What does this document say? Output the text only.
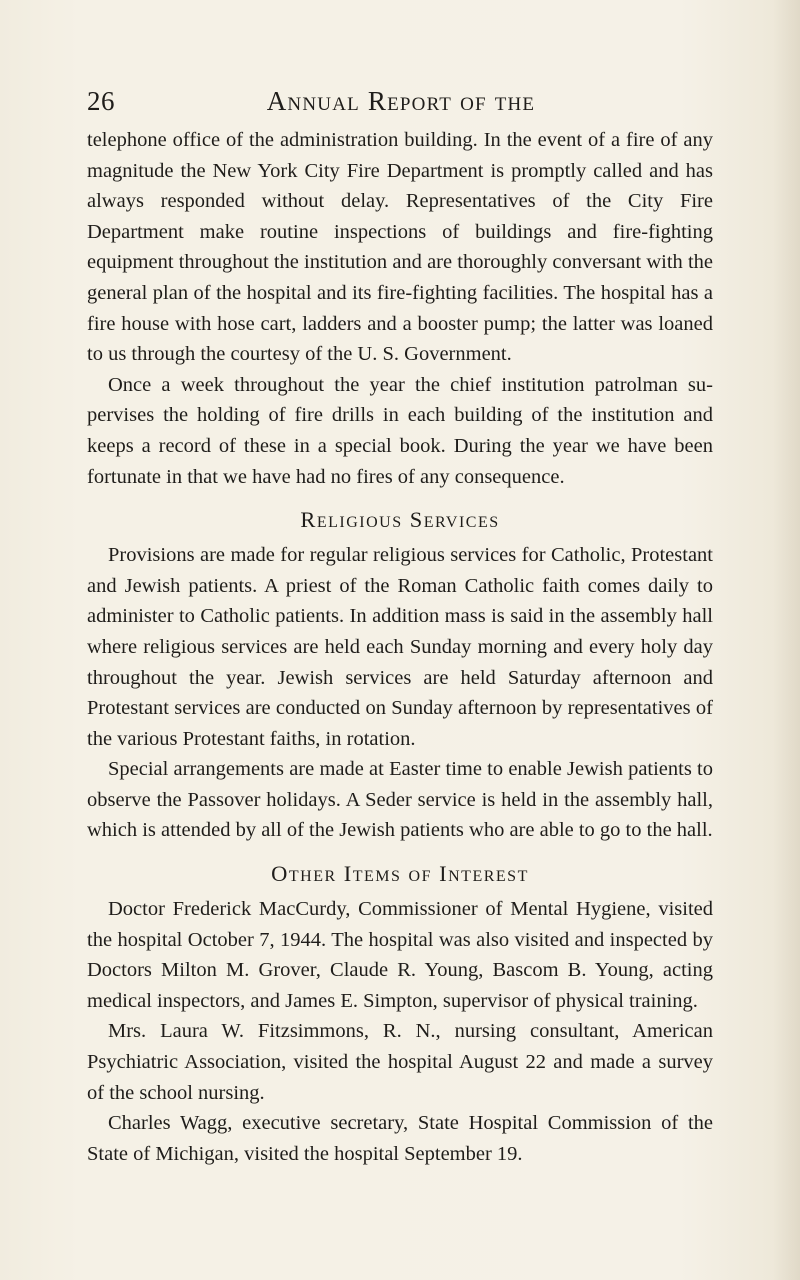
26	Annual Report of the

telephone office of the administration building. In the event of a fire of any magnitude the New York City Fire Department is promptly called and has always responded without delay. Representatives of the City Fire Department make routine inspections of buildings and fire-fighting equipment throughout the institution and are thoroughly conversant with the general plan of the hospital and its fire-fighting facilities. The hospital has a fire house with hose cart, ladders and a booster pump; the latter was loaned to us through the courtesy of the U. S. Government.

Once a week throughout the year the chief institution patrolman supervises the holding of fire drills in each building of the institution and keeps a record of these in a special book. During the year we have been fortunate in that we have had no fires of any consequence.

Religious Services

Provisions are made for regular religious services for Catholic, Protestant and Jewish patients. A priest of the Roman Catholic faith comes daily to administer to Catholic patients. In addition mass is said in the assembly hall where religious services are held each Sunday morning and every holy day throughout the year. Jewish services are held Saturday afternoon and Protestant services are conducted on Sunday afternoon by representatives of the various Protestant faiths, in rotation.

Special arrangements are made at Easter time to enable Jewish patients to observe the Passover holidays. A Seder service is held in the assembly hall, which is attended by all of the Jewish patients who are able to go to the hall.

Other Items of Interest

Doctor Frederick MacCurdy, Commissioner of Mental Hygiene, visited the hospital October 7, 1944. The hospital was also visited and inspected by Doctors Milton M. Grover, Claude R. Young, Bascom B. Young, acting medical inspectors, and James E. Simpton, supervisor of physical training.

Mrs. Laura W. Fitzsimmons, R. N., nursing consultant, American Psychiatric Association, visited the hospital August 22 and made a survey of the school nursing.

Charles Wagg, executive secretary, State Hospital Commission of the State of Michigan, visited the hospital September 19.
